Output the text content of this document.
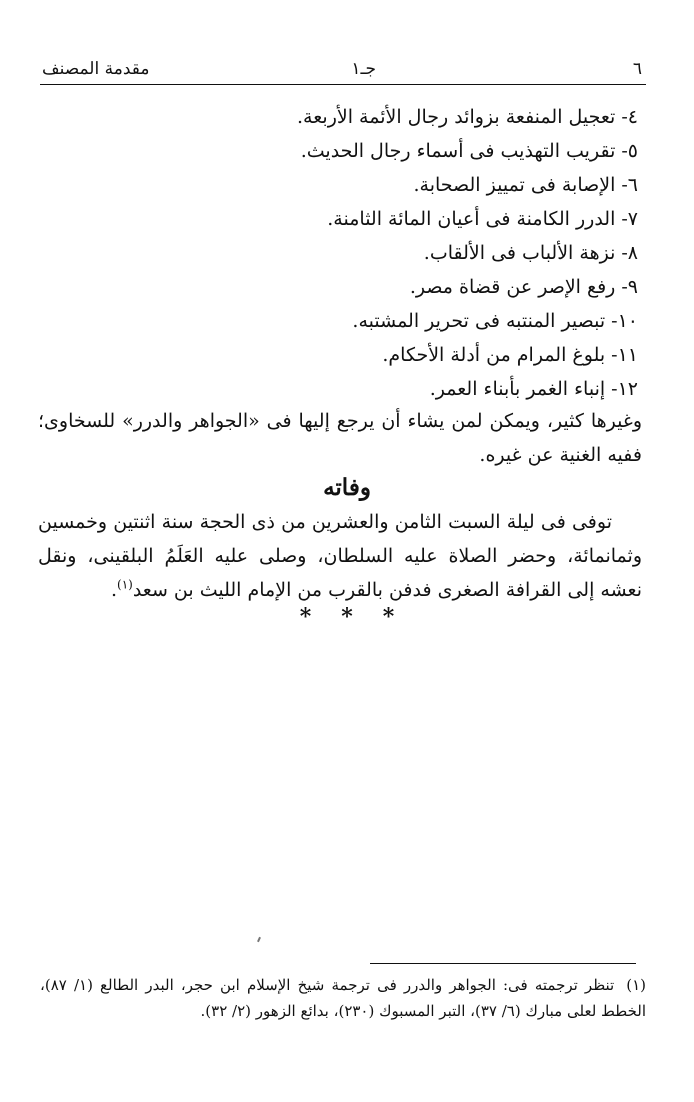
٦
جـ١
مقدمة المصنف
٤-تعجيل المنفعة بزوائد رجال الأئمة الأربعة.
٥-تقريب التهذيب فى أسماء رجال الحديث.
٦-الإصابة فى تمييز الصحابة.
٧-الدرر الكامنة فى أعيان المائة الثامنة.
٨-نزهة الألباب فى الألقاب.
٩-رفع الإصر عن قضاة مصر.
١٠-تبصير المنتبه فى تحرير المشتبه.
١١-بلوغ المرام من أدلة الأحكام.
١٢-إنباء الغمر بأبناء العمر.

وغيرها كثير، ويمكن لمن يشاء أن يرجع إليها فى «الجواهر والدرر» للسخاوى؛ ففيه الغنية عن غيره.

وفاته

توفى فى ليلة السبت الثامن والعشرين من ذى الحجة سنة اثنتين وخمسين وثمانمائة، وحضر الصلاة عليه السلطان، وصلى عليه العَلَمُ البلقينى، ونقل نعشه إلى القرافة الصغرى فدفن بالقرب من الإمام الليث بن سعد$^{(١)}$.

* * *

(١)تنظر ترجمته فى: الجواهر والدرر فى ترجمة شيخ الإسلام ابن حجر، البدر الطالع (١/ ٨٧)، الخطط لعلى مبارك (٦/ ٣٧)، التبر المسبوك (٢٣٠)، بدائع الزهور (٢/ ٣٢).
